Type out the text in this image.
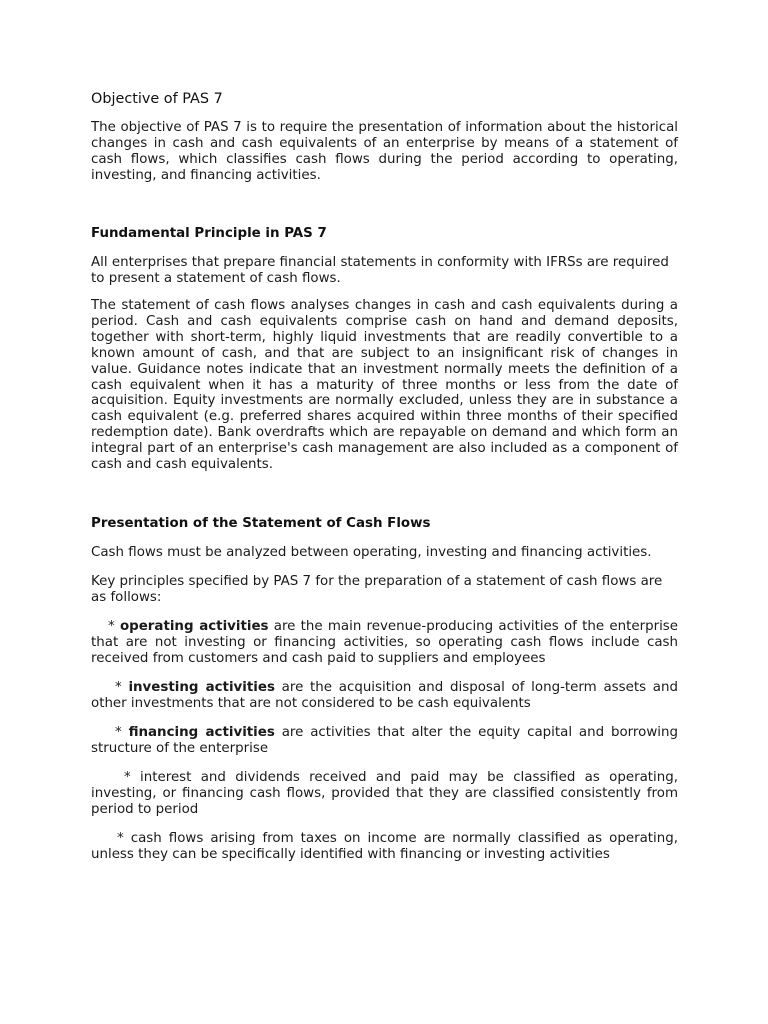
Objective of PAS 7

The objective of PAS 7 is to require the presentation of information about the historical changes in cash and cash equivalents of an enterprise by means of a statement of cash flows, which classifies cash flows during the period according to operating, investing, and financing activities.

Fundamental Principle in PAS 7

All enterprises that prepare financial statements in conformity with IFRSs are required to present a statement of cash flows.

The statement of cash flows analyses changes in cash and cash equivalents during a period. Cash and cash equivalents comprise cash on hand and demand deposits, together with short-term, highly liquid investments that are readily convertible to a known amount of cash, and that are subject to an insignificant risk of changes in value. Guidance notes indicate that an investment normally meets the definition of a cash equivalent when it has a maturity of three months or less from the date of acquisition. Equity investments are normally excluded, unless they are in substance a cash equivalent (e.g. preferred shares acquired within three months of their specified redemption date). Bank overdrafts which are repayable on demand and which form an integral part of an enterprise's cash management are also included as a component of cash and cash equivalents.

Presentation of the Statement of Cash Flows

Cash flows must be analyzed between operating, investing and financing activities.

Key principles specified by PAS 7 for the preparation of a statement of cash flows are as follows:

* operating activities are the main revenue-producing activities of the enterprise that are not investing or financing activities, so operating cash flows include cash received from customers and cash paid to suppliers and employees

* investing activities are the acquisition and disposal of long-term assets and other investments that are not considered to be cash equivalents

* financing activities are activities that alter the equity capital and borrowing structure of the enterprise

* interest and dividends received and paid may be classified as operating, investing, or financing cash flows, provided that they are classified consistently from period to period

* cash flows arising from taxes on income are normally classified as operating, unless they can be specifically identified with financing or investing activities
